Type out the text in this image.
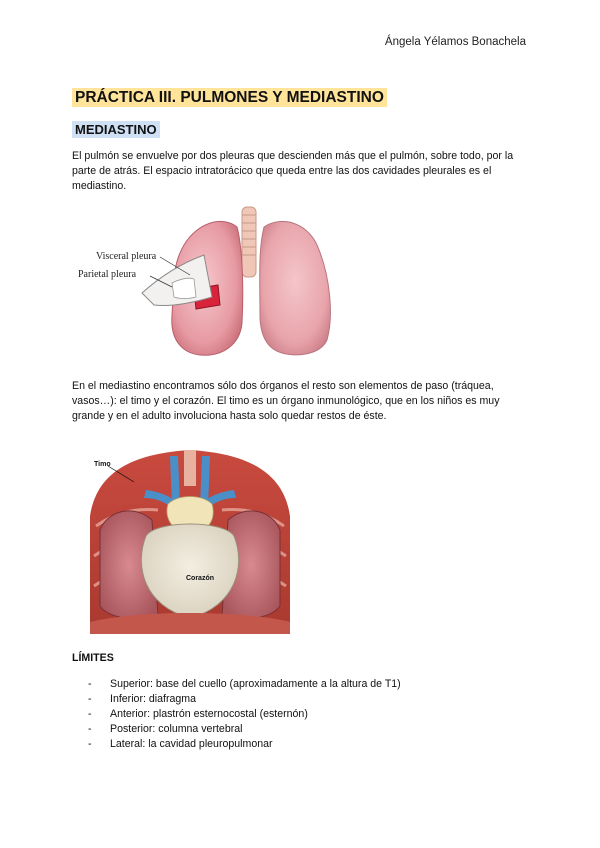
Ángela Yélamos Bonachela
PRÁCTICA III. PULMONES Y MEDIASTINO
MEDIASTINO
El pulmón se envuelve por dos pleuras que descienden más que el pulmón, sobre todo, por la parte de atrás. El espacio intratorácico que queda entre las dos cavidades pleurales es el mediastino.
Visceral pleura
Parietal pleura
En el mediastino encontramos sólo dos órganos el resto son elementos de paso (tráquea, vasos…): el timo y el corazón. El timo es un órgano inmunológico, que en los niños es muy grande y en el adulto involuciona hasta solo quedar restos de éste.
Timo
Corazón
LÍMITES
- Superior: base del cuello (aproximadamente a la altura de T1)
- Inferior: diafragma
- Anterior: plastrón esternocostal (esternón)
- Posterior: columna vertebral
- Lateral: la cavidad pleuropulmonar
